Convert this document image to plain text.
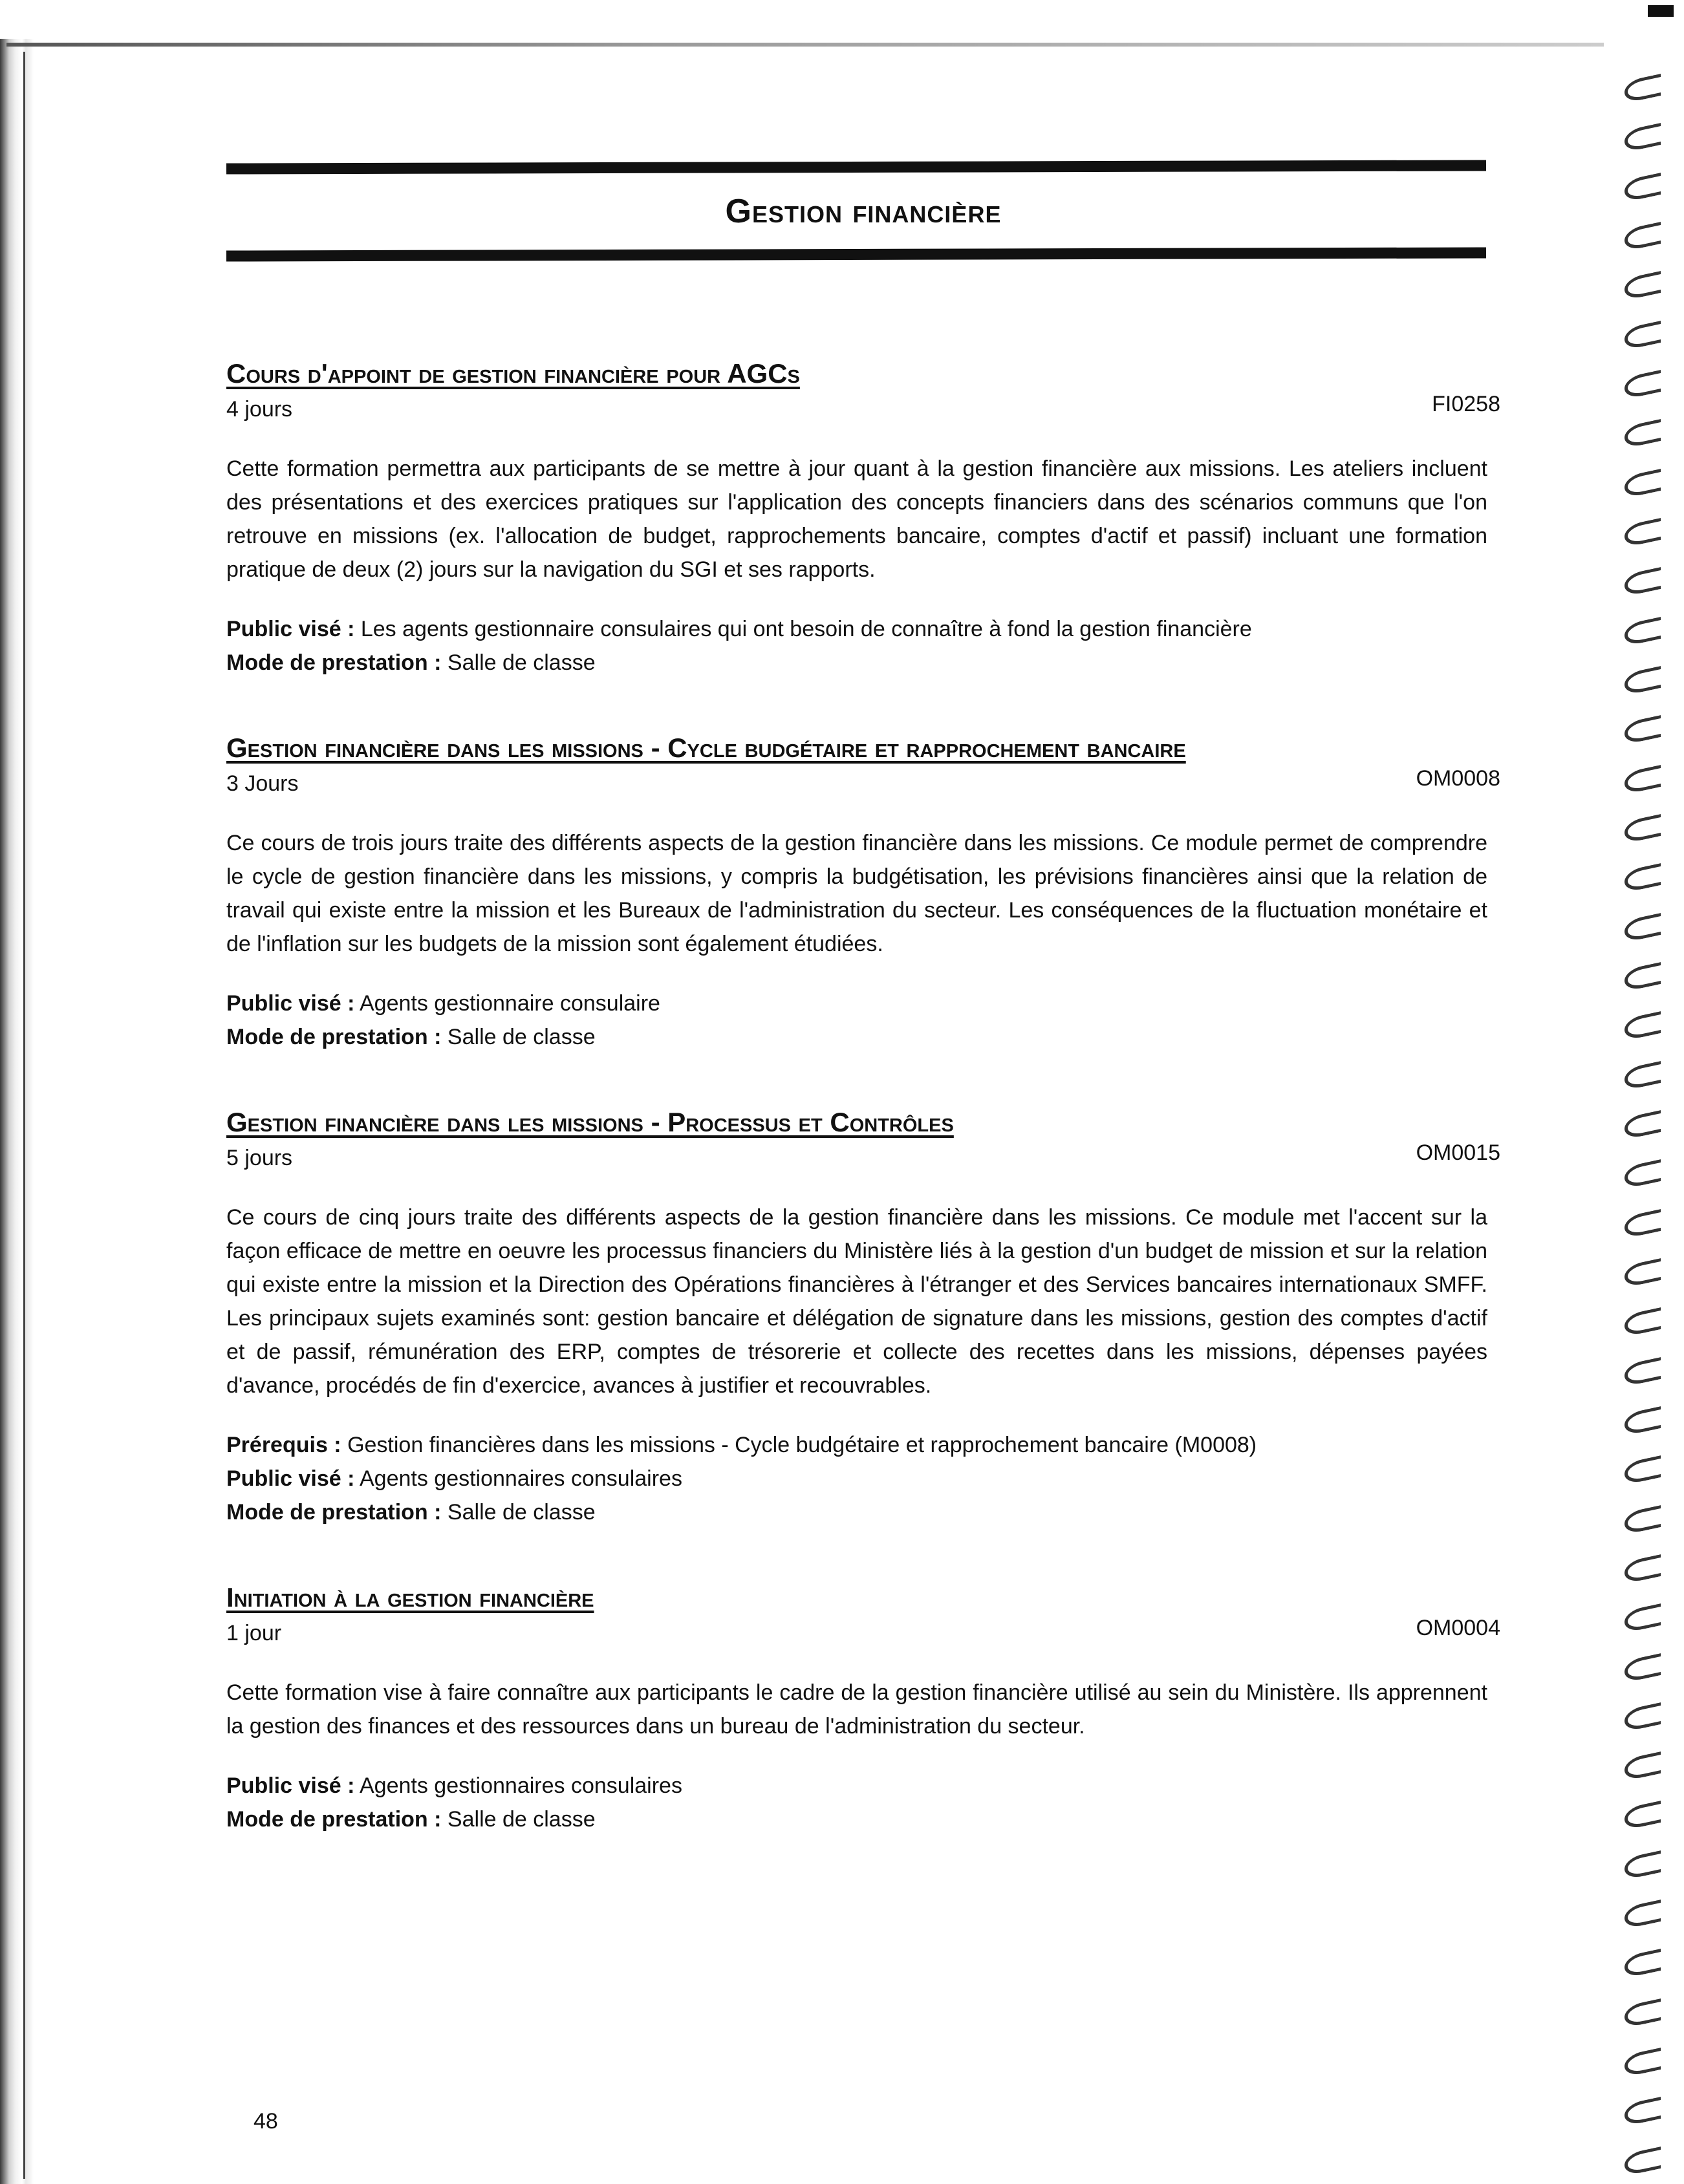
Gestion financière
Cours d'appoint de gestion financière pour AGCs
FI0258
4 jours
Cette formation permettra aux participants de se mettre à jour quant à la gestion financière aux missions. Les ateliers incluent des présentations et des exercices pratiques sur l'application des concepts financiers dans des scénarios communs que l'on retrouve en missions (ex. l'allocation de budget, rapprochements bancaire, comptes d'actif et passif) incluant une formation pratique de deux (2) jours sur la navigation du SGI et ses rapports.
Public visé : Les agents gestionnaire consulaires qui ont besoin de connaître à fond la gestion financière
Mode de prestation : Salle de classe
Gestion financière dans les missions - Cycle budgétaire et rapprochement bancaire
OM0008
3 Jours
Ce cours de trois jours traite des différents aspects de la gestion financière dans les missions. Ce module permet de comprendre le cycle de gestion financière dans les missions, y compris la budgétisation, les prévisions financières ainsi que la relation de travail qui existe entre la mission et les Bureaux de l'administration du secteur. Les conséquences de la fluctuation monétaire et de l'inflation sur les budgets de la mission sont également étudiées.
Public visé : Agents gestionnaire consulaire
Mode de prestation : Salle de classe
Gestion financière dans les missions - Processus et Contrôles
OM0015
5 jours
Ce cours de cinq jours traite des différents aspects de la gestion financière dans les missions. Ce module met l'accent sur la façon efficace de mettre en oeuvre les processus financiers du Ministère liés à la gestion d'un budget de mission et sur la relation qui existe entre la mission et la Direction des Opérations financières à l'étranger et des Services bancaires internationaux SMFF. Les principaux sujets examinés sont: gestion bancaire et délégation de signature dans les missions, gestion des comptes d'actif et de passif, rémunération des ERP, comptes de trésorerie et collecte des recettes dans les missions, dépenses payées d'avance, procédés de fin d'exercice, avances à justifier et recouvrables.
Prérequis : Gestion financières dans les missions - Cycle budgétaire et rapprochement bancaire (M0008)
Public visé : Agents gestionnaires consulaires
Mode de prestation : Salle de classe
Initiation à la gestion financière
OM0004
1 jour
Cette formation vise à faire connaître aux participants le cadre de la gestion financière utilisé au sein du Ministère. Ils apprennent la gestion des finances et des ressources dans un bureau de l'administration du secteur.
Public visé : Agents gestionnaires consulaires
Mode de prestation : Salle de classe
48
